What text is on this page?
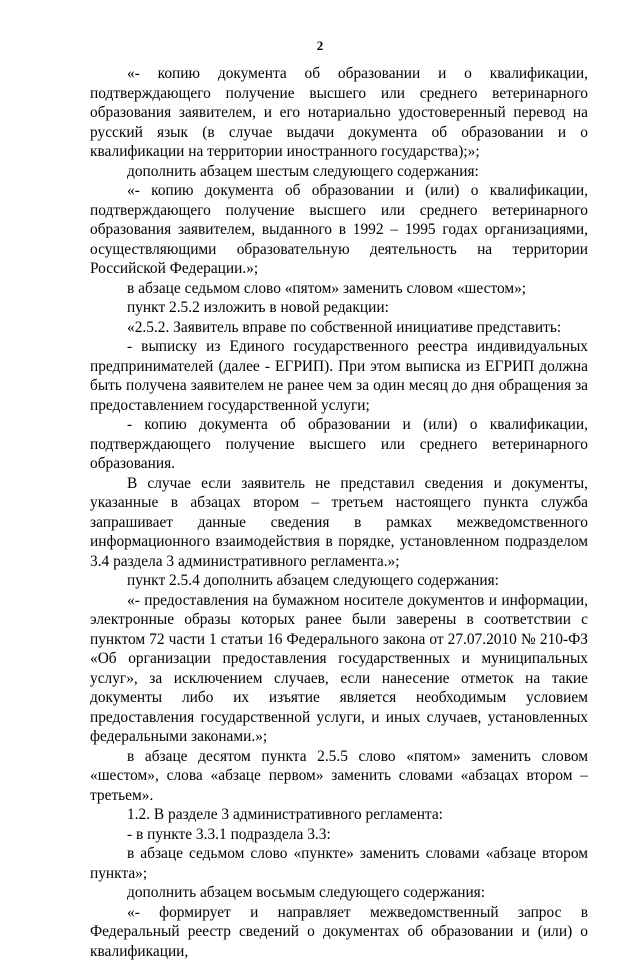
2

«- копию документа об образовании и о квалификации, подтверждающего получение высшего или среднего ветеринарного образования заявителем, и его нотариально удостоверенный перевод на русский язык (в случае выдачи документа об образовании и о квалификации на территории иностранного государства);»;

дополнить абзацем шестым следующего содержания:

«- копию документа об образовании и (или) о квалификации, подтверждающего получение высшего или среднего ветеринарного образования заявителем, выданного в 1992 – 1995 годах организациями, осуществляющими образовательную деятельность на территории Российской Федерации.»;

в абзаце седьмом слово «пятом» заменить словом «шестом»;

пункт 2.5.2 изложить в новой редакции:

«2.5.2. Заявитель вправе по собственной инициативе представить:

- выписку из Единого государственного реестра индивидуальных предпринимателей (далее - ЕГРИП). При этом выписка из ЕГРИП должна быть получена заявителем не ранее чем за один месяц до дня обращения за предоставлением государственной услуги;

- копию документа об образовании и (или) о квалификации, подтверждающего получение высшего или среднего ветеринарного образования.

В случае если заявитель не представил сведения и документы, указанные в абзацах втором – третьем настоящего пункта служба запрашивает данные сведения в рамках межведомственного информационного взаимодействия в порядке, установленном подразделом 3.4 раздела 3 административного регламента.»;

пункт 2.5.4 дополнить абзацем следующего содержания:

«- предоставления на бумажном носителе документов и информации, электронные образы которых ранее были заверены в соответствии с пунктом 72 части 1 статьи 16 Федерального закона от 27.07.2010 № 210-ФЗ «Об организации предоставления государственных и муниципальных услуг», за исключением случаев, если нанесение отметок на такие документы либо их изъятие является необходимым условием предоставления государственной услуги, и иных случаев, установленных федеральными законами.»;

в абзаце десятом пункта 2.5.5 слово «пятом» заменить словом «шестом», слова «абзаце первом» заменить словами «абзацах втором – третьем».

1.2. В разделе 3 административного регламента:

- в пункте 3.3.1 подраздела 3.3:

в абзаце седьмом слово «пункте» заменить словами «абзаце втором пункта»;

дополнить абзацем восьмым следующего содержания:

«- формирует и направляет межведомственный запрос в Федеральный реестр сведений о документах об образовании и (или) о квалификации,
